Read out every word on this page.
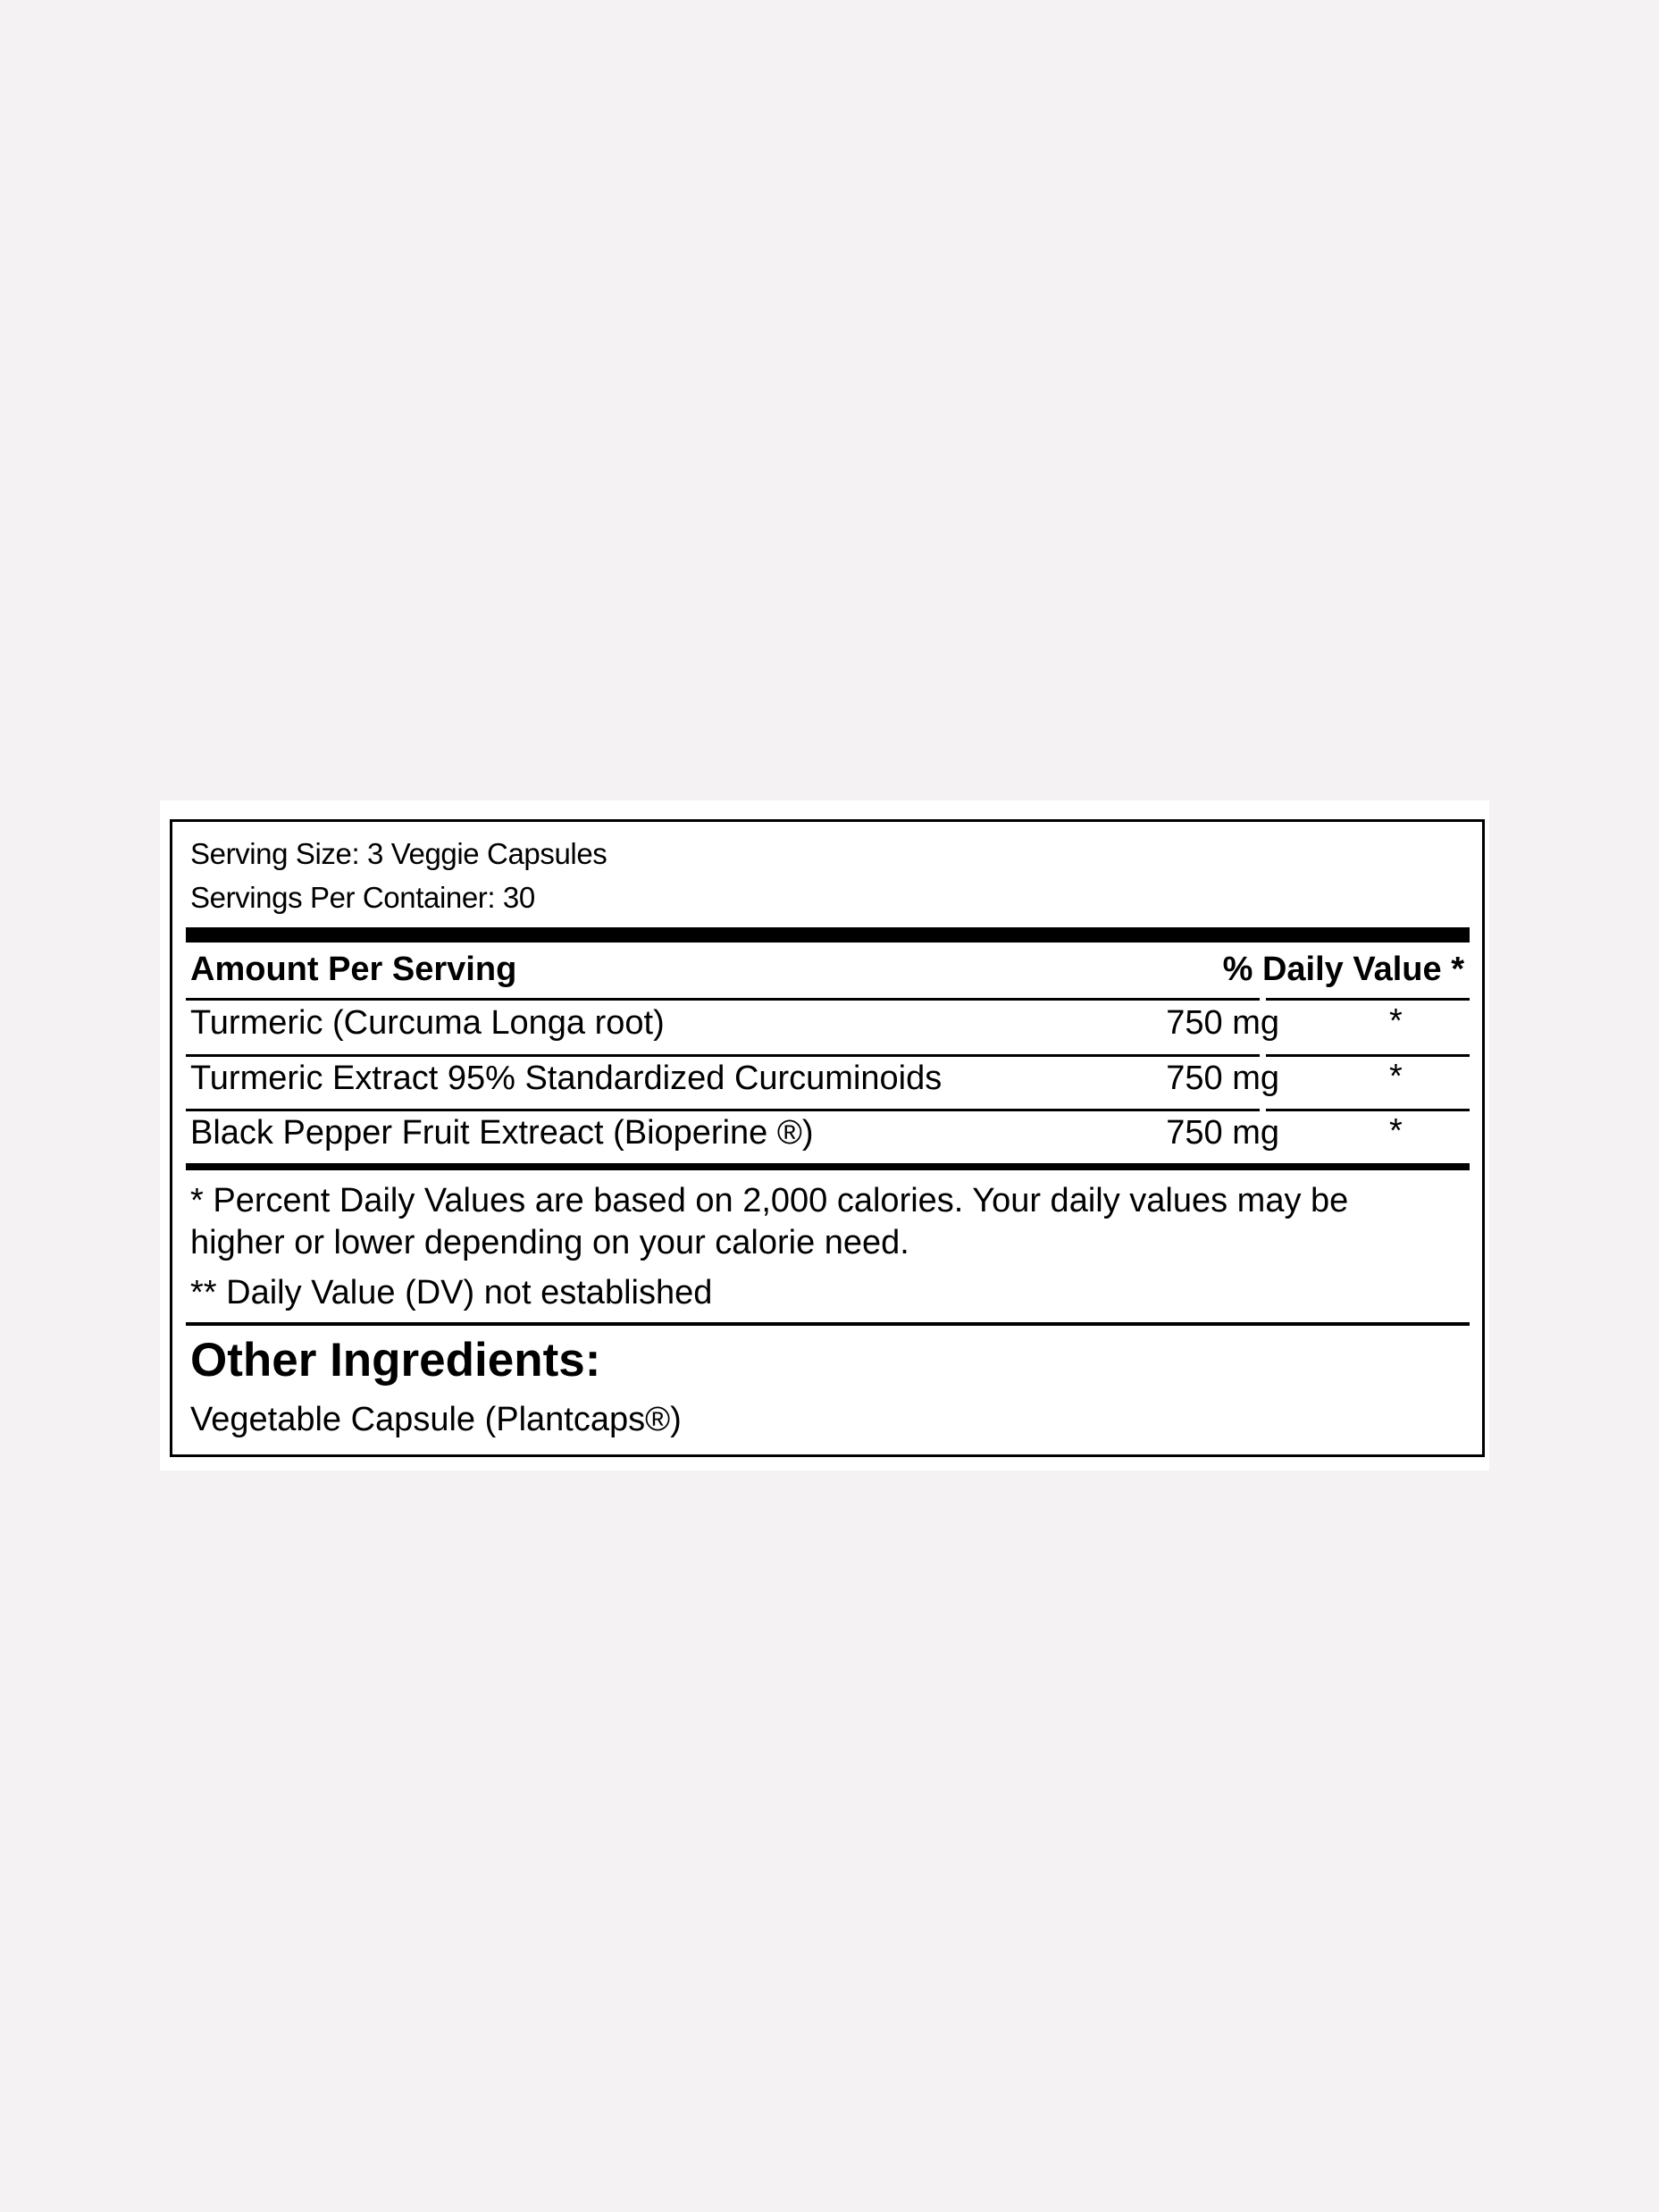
Serving Size: 3 Veggie Capsules
Servings Per Container: 30
Amount Per Serving	% Daily Value *
Turmeric (Curcuma Longa root)	750 mg	*
Turmeric Extract 95% Standardized Curcuminoids	750 mg	*
Black Pepper Fruit Extreact (Bioperine ®)	750 mg	*
* Percent Daily Values are based on 2,000 calories. Your daily values may be
higher or lower depending on your calorie need.
** Daily Value (DV) not established
Other Ingredients:
Vegetable Capsule (Plantcaps®)
